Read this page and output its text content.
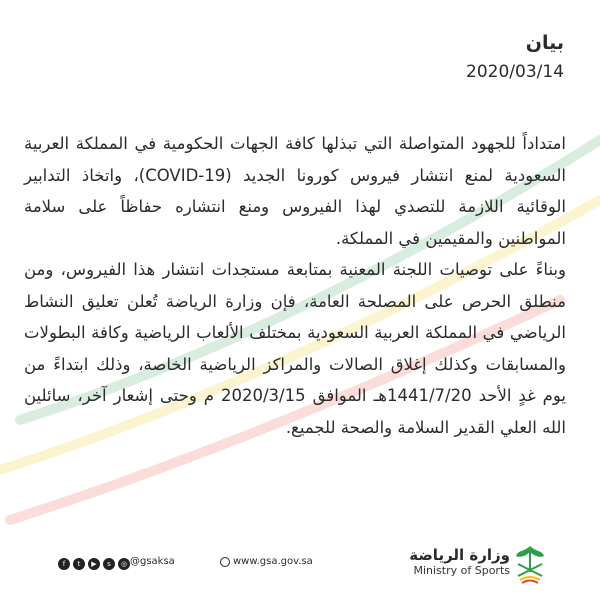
بيان
2020/03/14

امتداداً للجهود المتواصلة التي تبذلها كافة الجهات الحكومية في المملكة العربية السعودية لمنع انتشار فيروس كورونا الجديد (COVID-19)، واتخاذ التدابير الوقائية اللازمة للتصدي لهذا الفيروس ومنع انتشاره حفاظاً على سلامة المواطنين والمقيمين في المملكة.

وبناءً على توصيات اللجنة المعنية بمتابعة مستجدات انتشار هذا الفيروس، ومن منطلق الحرص على المصلحة العامة، فإن وزارة الرياضة تُعلن تعليق النشاط الرياضي في المملكة العربية السعودية بمختلف الألعاب الرياضية وكافة البطولات والمسابقات وكذلك إغلاق الصالات والمراكز الرياضية الخاصة، وذلك ابتداءً من يوم غدٍ الأحد 1441/7/20هـ الموافق 2020/3/15 م وحتى إشعار آخر، سائلين الله العلي القدير السلامة والصحة للجميع.

f	t	▶	s	◎ @gsaksa	www.gsa.gov.sa	وزارة الرياضة
Ministry of Sports
